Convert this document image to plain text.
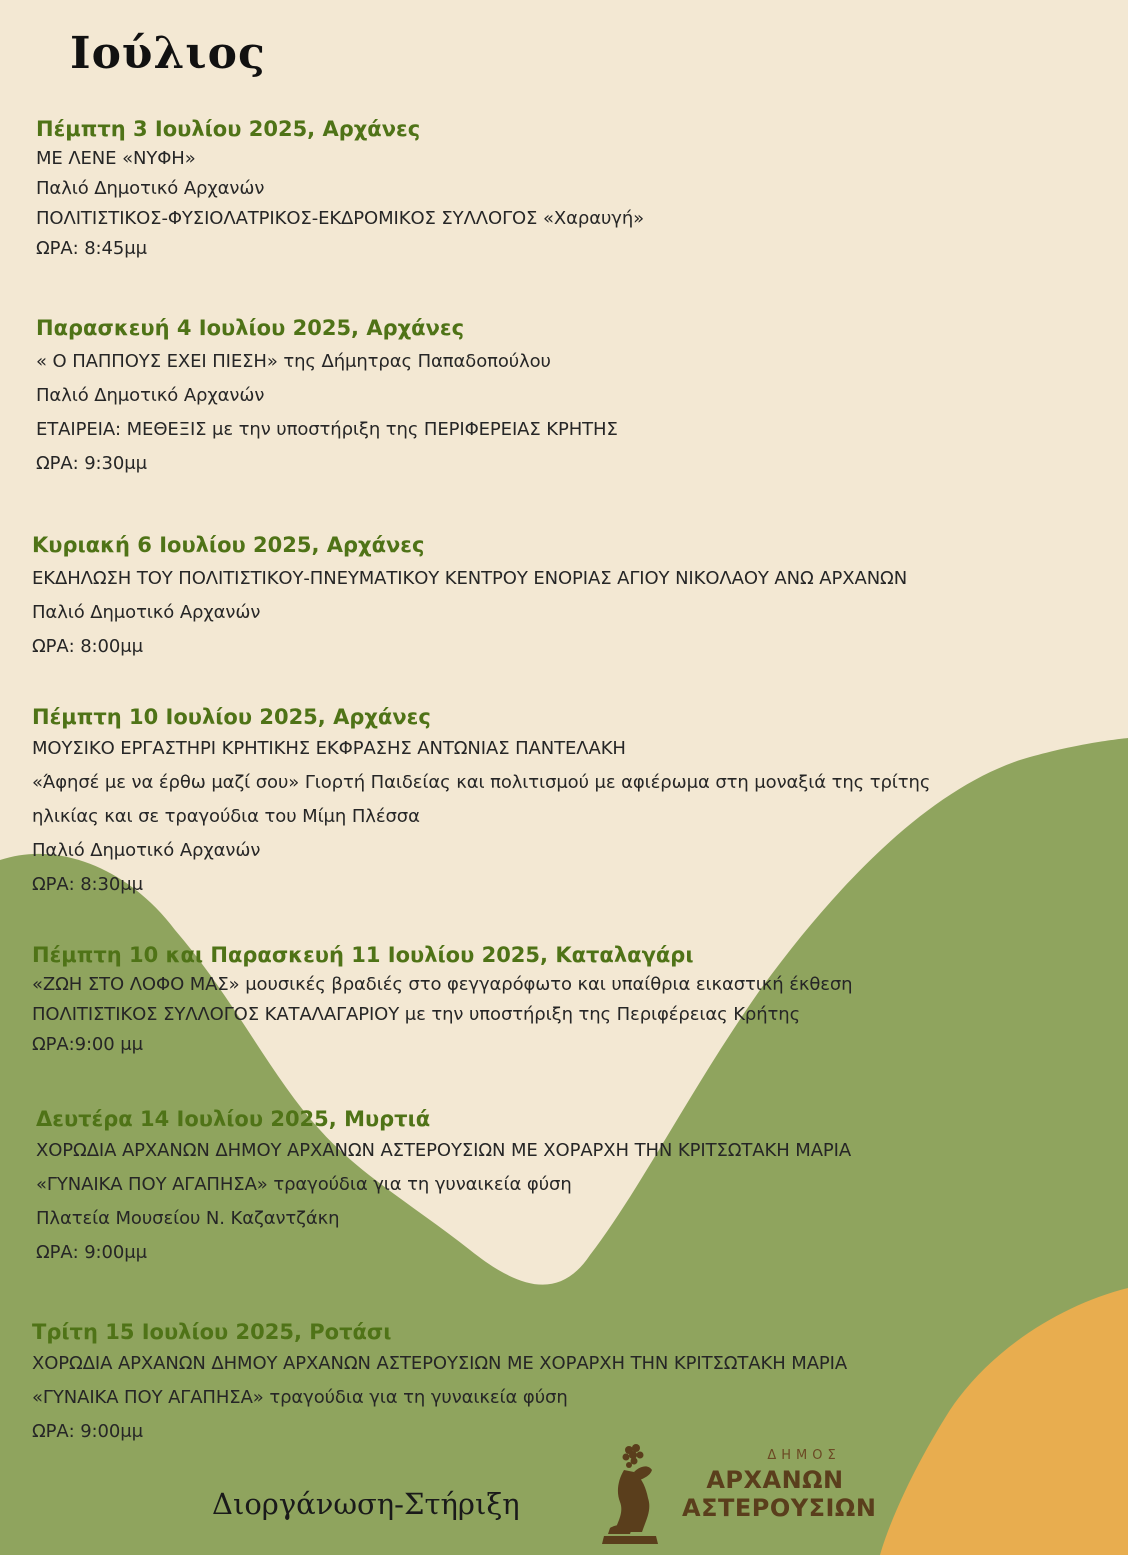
Ιούλιος
Πέμπτη 3 Ιουλίου 2025, Αρχάνες
ΜΕ ΛΕΝΕ «ΝΥΦΗ»
Παλιό Δημοτικό Αρχανών
ΠΟΛΙΤΙΣΤΙΚΟΣ-ΦΥΣΙΟΛΑΤΡΙΚΟΣ-ΕΚΔΡΟΜΙΚΟΣ ΣΥΛΛΟΓΟΣ «Χαραυγή»
ΩΡΑ: 8:45μμ
Παρασκευή 4 Ιουλίου 2025, Αρχάνες
« Ο ΠΑΠΠΟΥΣ ΕΧΕΙ ΠΙΕΣΗ» της Δήμητρας Παπαδοπούλου
Παλιό Δημοτικό Αρχανών
ΕΤΑΙΡΕΙΑ: ΜΕΘΕΞΙΣ με την υποστήριξη της ΠΕΡΙΦΕΡΕΙΑΣ ΚΡΗΤΗΣ
ΩΡΑ: 9:30μμ
Κυριακή 6 Ιουλίου 2025, Αρχάνες
ΕΚΔΗΛΩΣΗ ΤΟΥ ΠΟΛΙΤΙΣΤΙΚΟΥ-ΠΝΕΥΜΑΤΙΚΟΥ ΚΕΝΤΡΟΥ ΕΝΟΡΙΑΣ ΑΓΙΟΥ ΝΙΚΟΛΑΟΥ ΑΝΩ ΑΡΧΑΝΩΝ
Παλιό Δημοτικό Αρχανών
ΩΡΑ: 8:00μμ
Πέμπτη 10 Ιουλίου 2025, Αρχάνες
ΜΟΥΣΙΚΟ ΕΡΓΑΣΤΗΡΙ ΚΡΗΤΙΚΗΣ ΕΚΦΡΑΣΗΣ ΑΝΤΩΝΙΑΣ ΠΑΝΤΕΛΑΚΗ
«Άφησέ με να έρθω μαζί σου» Γιορτή Παιδείας και πολιτισμού με αφιέρωμα στη μοναξιά της τρίτης
ηλικίας και σε τραγούδια του Μίμη Πλέσσα
Παλιό Δημοτικό Αρχανών
ΩΡΑ: 8:30μμ
Πέμπτη 10 και Παρασκευή 11 Ιουλίου 2025, Καταλαγάρι
«ΖΩΗ ΣΤΟ ΛΟΦΟ ΜΑΣ» μουσικές βραδιές στο φεγγαρόφωτο και υπαίθρια εικαστική έκθεση
ΠΟΛΙΤΙΣΤΙΚΟΣ ΣΥΛΛΟΓΟΣ ΚΑΤΑΛΑΓΑΡΙΟΥ με την υποστήριξη της Περιφέρειας Κρήτης
ΩΡΑ:9:00 μμ
Δευτέρα 14 Ιουλίου 2025, Μυρτιά
ΧΟΡΩΔΙΑ ΑΡΧΑΝΩΝ ΔΗΜΟΥ ΑΡΧΑΝΩΝ ΑΣΤΕΡΟΥΣΙΩΝ ΜΕ ΧΟΡΑΡΧΗ ΤΗΝ ΚΡΙΤΣΩΤΑΚΗ ΜΑΡΙΑ
«ΓΥΝΑΙΚΑ ΠΟΥ ΑΓΑΠΗΣΑ» τραγούδια για τη γυναικεία φύση
Πλατεία Μουσείου Ν. Καζαντζάκη
ΩΡΑ: 9:00μμ
Τρίτη 15 Ιουλίου 2025, Ροτάσι
ΧΟΡΩΔΙΑ ΑΡΧΑΝΩΝ ΔΗΜΟΥ ΑΡΧΑΝΩΝ ΑΣΤΕΡΟΥΣΙΩΝ ΜΕ ΧΟΡΑΡΧΗ ΤΗΝ ΚΡΙΤΣΩΤΑΚΗ ΜΑΡΙΑ
«ΓΥΝΑΙΚΑ ΠΟΥ ΑΓΑΠΗΣΑ» τραγούδια για τη γυναικεία φύση
ΩΡΑ: 9:00μμ
Διοργάνωση-Στήριξη
ΔΗΜΟΣ
ΑΡΧΑΝΩΝ
ΑΣΤΕΡΟΥΣΙΩΝ
